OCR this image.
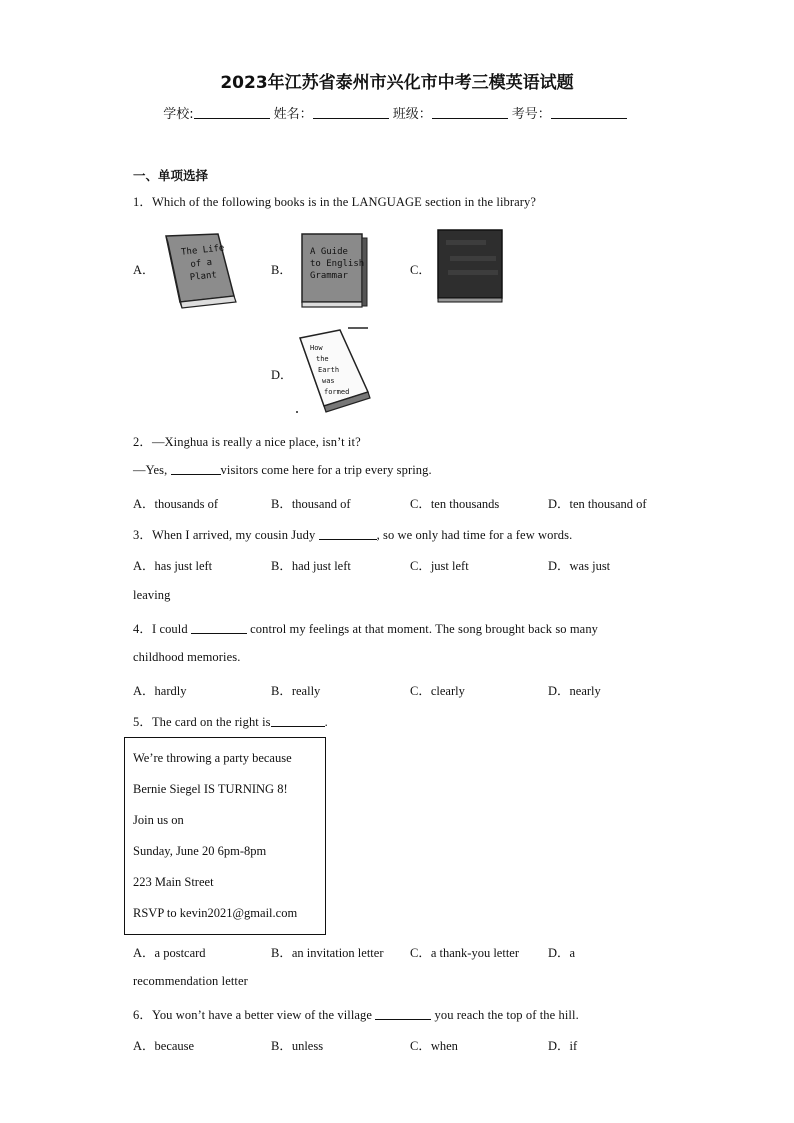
2023年江苏省泰州市兴化市中考三模英语试题
学校:	姓名：	班级：	考号：
一、单项选择
1．Which of the following books is in the LANGUAGE section in the library?
A．
The Life
of a
Plant	B．
A Guide
to English
Grammar	C．
D．
How
the
Earth
was
formed
2．—Xinghua is really a nice place, isn’t it?
—Yes,	visitors come here for a trip every spring.
A．thousands of	B．thousand of	C．ten thousands	D．ten thousand of
3．When I arrived, my cousin Judy	, so we only had time for a few words.
A．has just left	B．had just left	C．just left	D．was just
leaving
4．I could	control my feelings at that moment. The song brought back so many
childhood memories.
A．hardly	B．really	C．clearly	D．nearly
5．The card on the right is	.
We’re throwing a party because
Bernie Siegel IS TURNING 8!
Join us on
Sunday, June 20 6pm-8pm
223 Main Street
RSVP to kevin2021@gmail.com
A．a postcard	B．an invitation letter C．a thank-you letter D．a
recommendation letter
6．You won’t have a better view of the village	you reach the top of the hill.
A．because	B．unless	C．when	D．if
